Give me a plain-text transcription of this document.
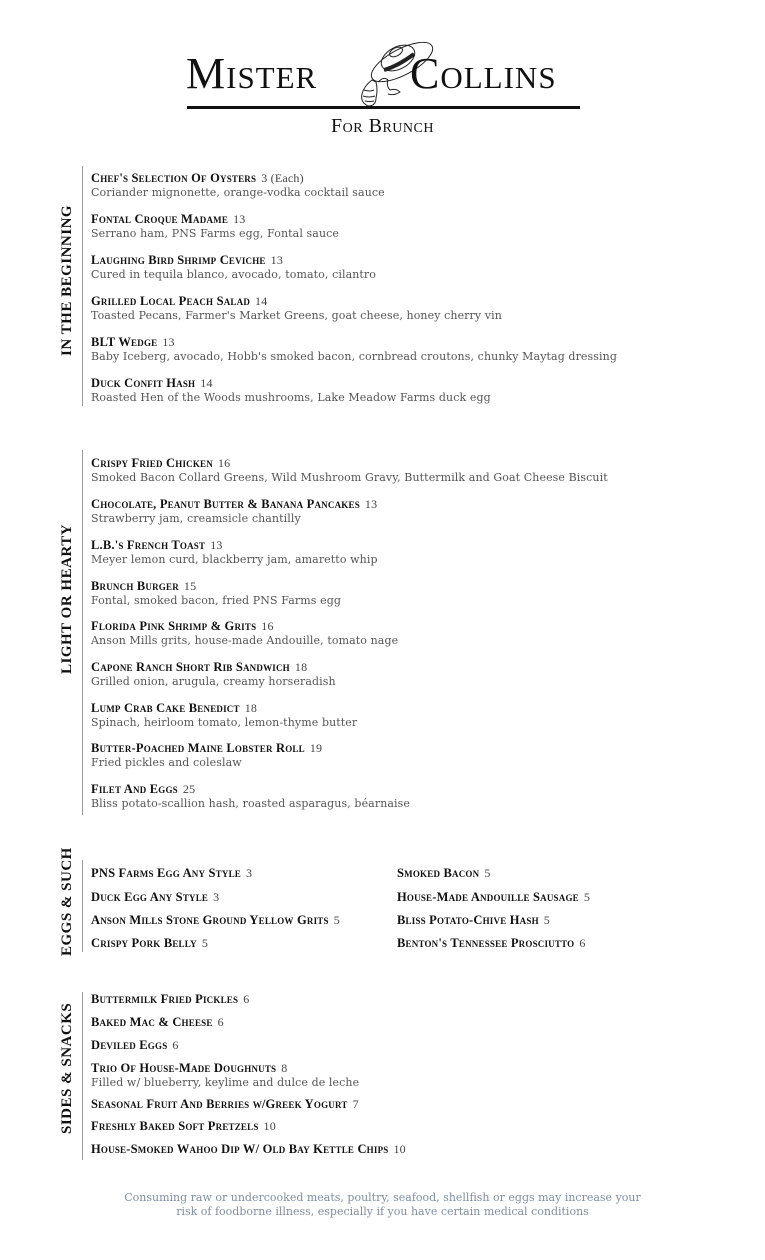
Mister Collins
For Brunch
IN THE BEGINNING
Chef's Selection Of Oysters 3 (Each)
Coriander mignonette, orange-vodka cocktail sauce
Fontal Croque Madame 13
Serrano ham, PNS Farms egg, Fontal sauce
Laughing Bird Shrimp Ceviche 13
Cured in tequila blanco, avocado, tomato, cilantro
Grilled Local Peach Salad 14
Toasted Pecans, Farmer's Market Greens, goat cheese, honey cherry vin
BLT Wedge 13
Baby Iceberg, avocado, Hobb's smoked bacon, cornbread croutons, chunky Maytag dressing
Duck Confit Hash 14
Roasted Hen of the Woods mushrooms, Lake Meadow Farms duck egg
LIGHT OR HEARTY
Crispy Fried Chicken 16
Smoked Bacon Collard Greens, Wild Mushroom Gravy, Buttermilk and Goat Cheese Biscuit
Chocolate, Peanut Butter & Banana Pancakes 13
Strawberry jam, creamsicle chantilly
L.B.'s French Toast 13
Meyer lemon curd, blackberry jam, amaretto whip
Brunch Burger 15
Fontal, smoked bacon, fried PNS Farms egg
Florida Pink Shrimp & Grits 16
Anson Mills grits, house-made Andouille, tomato nage
Capone Ranch Short Rib Sandwich 18
Grilled onion, arugula, creamy horseradish
Lump Crab Cake Benedict 18
Spinach, heirloom tomato, lemon-thyme butter
Butter-Poached Maine Lobster Roll 19
Fried pickles and coleslaw
Filet And Eggs 25
Bliss potato-scallion hash, roasted asparagus, béarnaise
EGGS & SUCH PNS Farms Egg Any Style 3
Duck Egg Any Style 3
Anson Mills Stone Ground Yellow Grits 5
Crispy Pork Belly 5
Smoked Bacon 5
House-Made Andouille Sausage 5
Bliss Potato-Chive Hash 5
Benton's Tennessee Prosciutto 6
SIDES & SNACKS
Buttermilk Fried Pickles 6
Baked Mac & Cheese 6
Deviled Eggs 6
Trio Of House-Made Doughnuts 8
Filled w/ blueberry, keylime and dulce de leche
Seasonal Fruit And Berries w/Greek Yogurt 7
Freshly Baked Soft Pretzels 10
House-Smoked Wahoo Dip W/ Old Bay Kettle Chips 10
Consuming raw or undercooked meats, poultry, seafood, shellfish or eggs may increase your
risk of foodborne illness, especially if you have certain medical conditions
